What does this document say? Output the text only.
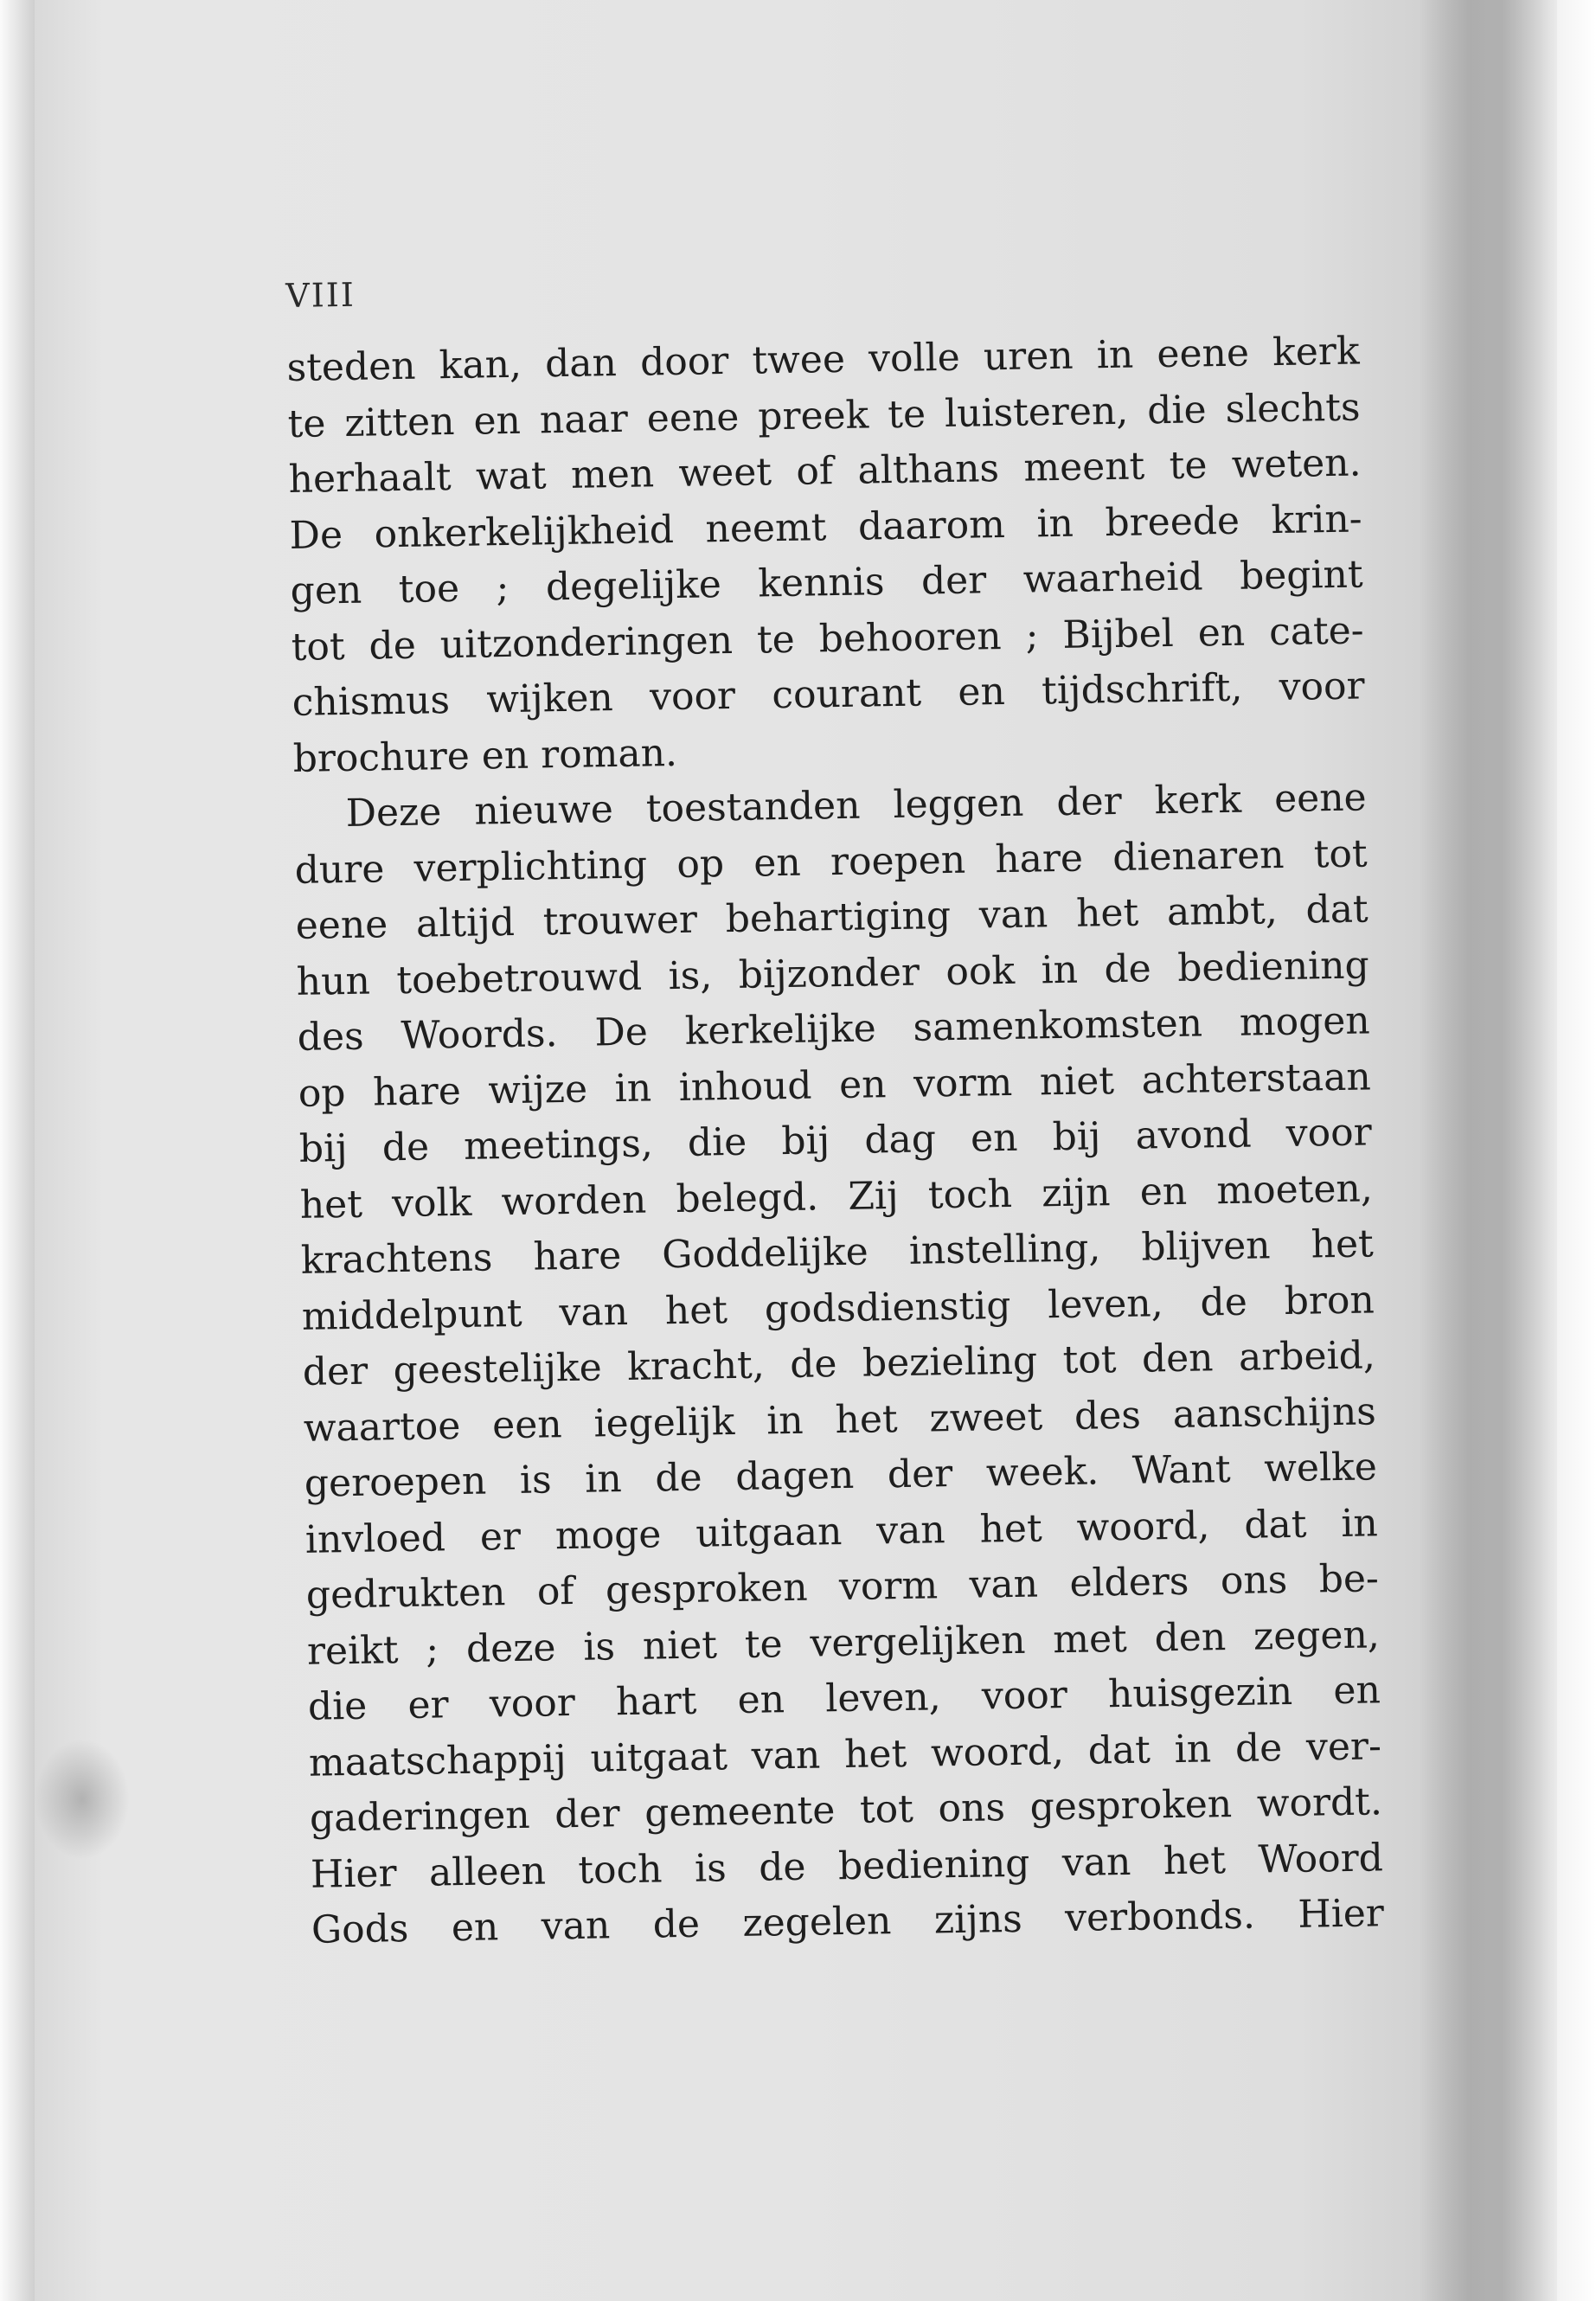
VIII
steden kan, dan door twee volle uren in eene kerk
te zitten en naar eene preek te luisteren, die slechts
herhaalt wat men weet of althans meent te weten.
De onkerkelijkheid neemt daarom in breede krin-
gen toe ; degelijke kennis der waarheid begint
tot de uitzonderingen te behooren ; Bijbel en cate-
chismus wijken voor courant en tijdschrift, voor
brochure en roman.
Deze nieuwe toestanden leggen der kerk eene
dure verplichting op en roepen hare dienaren tot
eene altijd trouwer behartiging van het ambt, dat
hun toebetrouwd is, bijzonder ook in de bediening
des Woords. De kerkelijke samenkomsten mogen
op hare wijze in inhoud en vorm niet achterstaan
bij de meetings, die bij dag en bij avond voor
het volk worden belegd. Zij toch zijn en moeten,
krachtens hare Goddelijke instelling, blijven het
middelpunt van het godsdienstig leven, de bron
der geestelijke kracht, de bezieling tot den arbeid,
waartoe een iegelijk in het zweet des aanschijns
geroepen is in de dagen der week. Want welke
invloed er moge uitgaan van het woord, dat in
gedrukten of gesproken vorm van elders ons be-
reikt ; deze is niet te vergelijken met den zegen,
die er voor hart en leven, voor huisgezin en
maatschappij uitgaat van het woord, dat in de ver-
gaderingen der gemeente tot ons gesproken wordt.
Hier alleen toch is de bediening van het Woord
Gods en van de zegelen zijns verbonds. Hier
